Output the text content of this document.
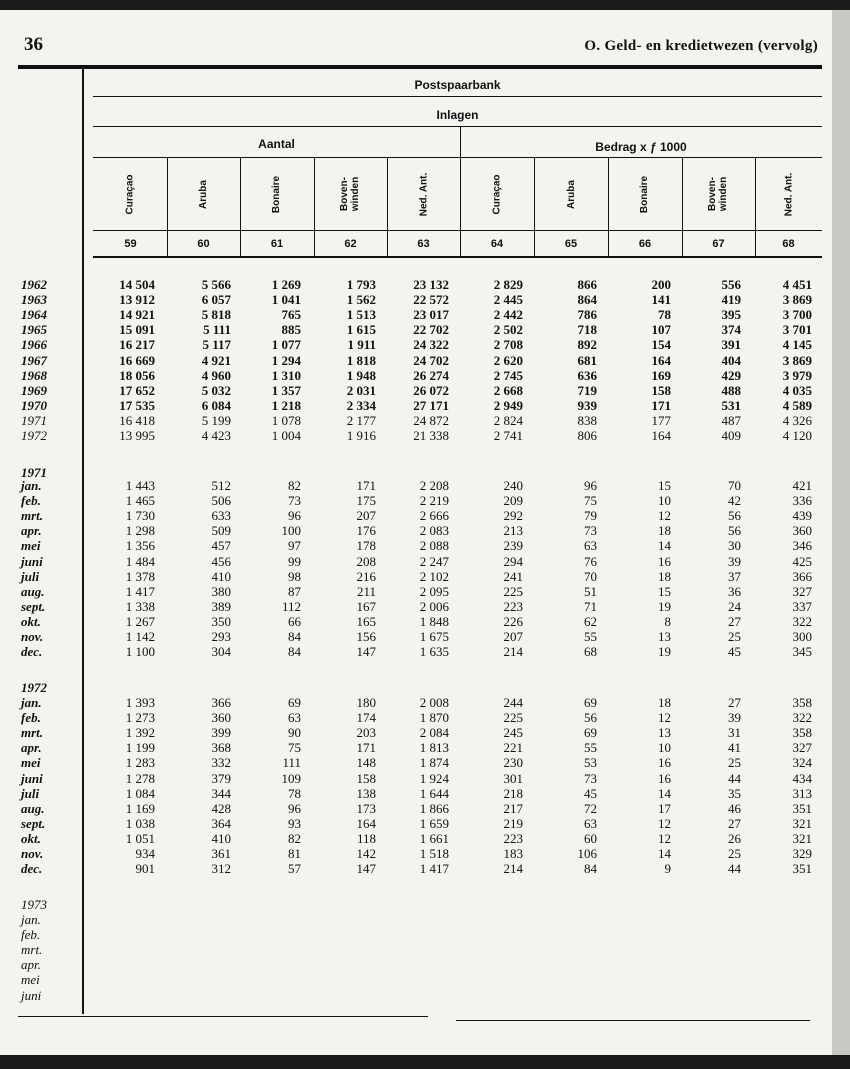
36	O. Geld- en kredietwezen (vervolg)
Postspaarbank
Inlagen
Aantal	Bedrag x ƒ 1000
Curaçao	Aruba	Bonaire	Boven-
winden	Ned. Ant.	Curaçao	Aruba	Bonaire	Boven-
winden	Ned. Ant.
59	60	61	62	63	64	65	66	67	68
1962	14 504	5 566	1 269	1 793	23 132	2 829	866	200	556	4 451
1963	13 912	6 057	1 041	1 562	22 572	2 445	864	141	419	3 869
1964	14 921	5 818	765	1 513	23 017	2 442	786	78	395	3 700
1965	15 091	5 111	885	1 615	22 702	2 502	718	107	374	3 701
1966	16 217	5 117	1 077	1 911	24 322	2 708	892	154	391	4 145
1967	16 669	4 921	1 294	1 818	24 702	2 620	681	164	404	3 869
1968	18 056	4 960	1 310	1 948	26 274	2 745	636	169	429	3 979
1969	17 652	5 032	1 357	2 031	26 072	2 668	719	158	488	4 035
1970	17 535	6 084	1 218	2 334	27 171	2 949	939	171	531	4 589
1971	16 418	5 199	1 078	2 177	24 872	2 824	838	177	487	4 326
1972	13 995	4 423	1 004	1 916	21 338	2 741	806	164	409	4 120
1971
jan.	1 443	512	82	171	2 208	240	96	15	70	421
feb.	1 465	506	73	175	2 219	209	75	10	42	336
mrt.	1 730	633	96	207	2 666	292	79	12	56	439
apr.	1 298	509	100	176	2 083	213	73	18	56	360
mei	1 356	457	97	178	2 088	239	63	14	30	346
juni	1 484	456	99	208	2 247	294	76	16	39	425
juli	1 378	410	98	216	2 102	241	70	18	37	366
aug.	1 417	380	87	211	2 095	225	51	15	36	327
sept.	1 338	389	112	167	2 006	223	71	19	24	337
okt.	1 267	350	66	165	1 848	226	62	8	27	322
nov.	1 142	293	84	156	1 675	207	55	13	25	300
dec.	1 100	304	84	147	1 635	214	68	19	45	345
1972
jan.	1 393	366	69	180	2 008	244	69	18	27	358
feb.	1 273	360	63	174	1 870	225	56	12	39	322
mrt.	1 392	399	90	203	2 084	245	69	13	31	358
apr.	1 199	368	75	171	1 813	221	55	10	41	327
mei	1 283	332	111	148	1 874	230	53	16	25	324
juni	1 278	379	109	158	1 924	301	73	16	44	434
juli	1 084	344	78	138	1 644	218	45	14	35	313
aug.	1 169	428	96	173	1 866	217	72	17	46	351
sept.	1 038	364	93	164	1 659	219	63	12	27	321
okt.	1 051	410	82	118	1 661	223	60	12	26	321
nov.	934	361	81	142	1 518	183	106	14	25	329
dec.	901	312	57	147	1 417	214	84	9	44	351
1973
jan.
feb.
mrt.
apr.
mei
juni
